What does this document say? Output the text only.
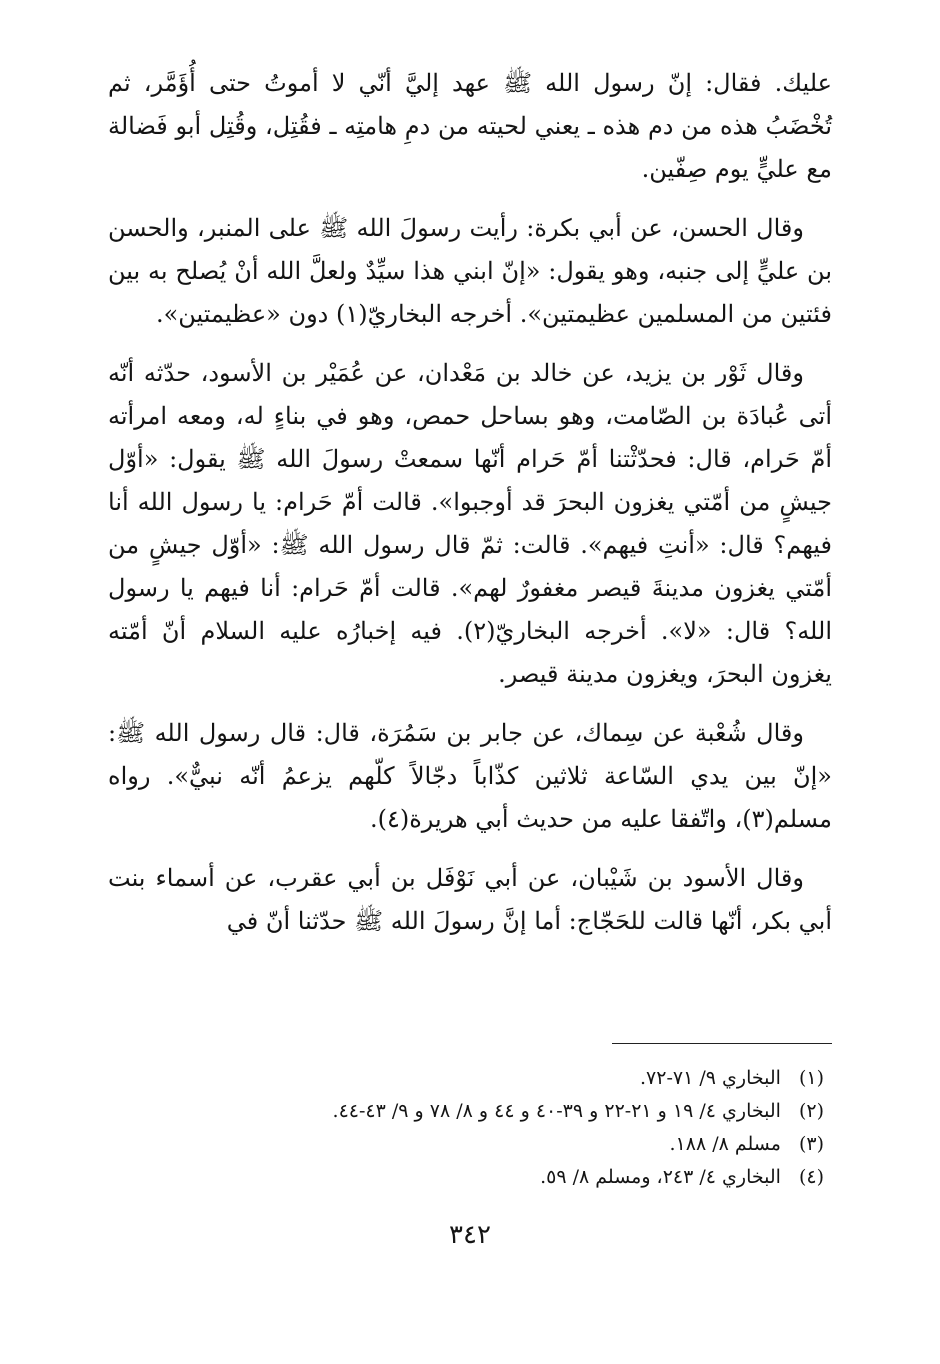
عليك. فقال: إنّ رسول الله ﷺ عهد إليَّ أنّي لا أموتُ حتى أُؤَمَّر، ثم تُخْضَبُ هذه من دم هذه ـ يعني لحيته من دمِ هامتِه ـ فقُتِل، وقُتِل أبو فَضالة مع عليٍّ يوم صِفّين.

وقال الحسن، عن أبي بكرة: رأيت رسولَ الله ﷺ على المنبر، والحسن بن عليٍّ إلى جنبه، وهو يقول: «إنّ ابني هذا سيِّدٌ ولعلَّ الله أنْ يُصلح به بين فئتين من المسلمين عظيمتين». أخرجه البخاريّ(١) دون «عظيمتين».

وقال ثَوْر بن يزيد، عن خالد بن مَعْدان، عن عُمَيْر بن الأسود، حدّثه أنّه أتى عُبادَة بن الصّامت، وهو بساحل حمص، وهو في بناءٍ له، ومعه امرأته أمّ حَرام، قال: فحدّثْتنا أمّ حَرام أنّها سمعتْ رسولَ الله ﷺ يقول: «أوّل جيشٍ من أمّتي يغزون البحرَ قد أوجبوا». قالت أمّ حَرام: يا رسول الله أنا فيهم؟ قال: «أنتِ فيهم». قالت: ثمّ قال رسول الله ﷺ: «أوّل جيشٍ من أمّتي يغزون مدينةَ قيصر مغفورٌ لهم». قالت أمّ حَرام: أنا فيهم يا رسول الله؟ قال: «لا». أخرجه البخاريّ(٢). فيه إخبارُه عليه السلام أنّ أمّته يغزون البحرَ، ويغزون مدينة قيصر.

وقال شُعْبة عن سِماك، عن جابر بن سَمُرَة، قال: قال رسول الله ﷺ: «إنّ بين يدي السّاعة ثلاثين كذّاباً دجّالاً كلّهم يزعمُ أنّه نبيٌّ». رواه مسلم(٣)، واتّفقا عليه من حديث أبي هريرة(٤).

وقال الأسود بن شَيْبان، عن أبي نَوْفَل بن أبي عقرب، عن أسماء بنت أبي بكر، أنّها قالت للحَجّاج: أما إنَّ رسولَ الله ﷺ حدّثنا أنّ في

(١)
البخاري ٩/ ٧١-٧٢.
(٢)
البخاري ٤/ ١٩ و ٢١-٢٢ و ٣٩-٤٠ و ٤٤ و ٨/ ٧٨ و ٩/ ٤٣-٤٤.
(٣)
مسلم ٨/ ١٨٨.
(٤)
البخاري ٤/ ٢٤٣، ومسلم ٨/ ٥٩.
٣٤٢
